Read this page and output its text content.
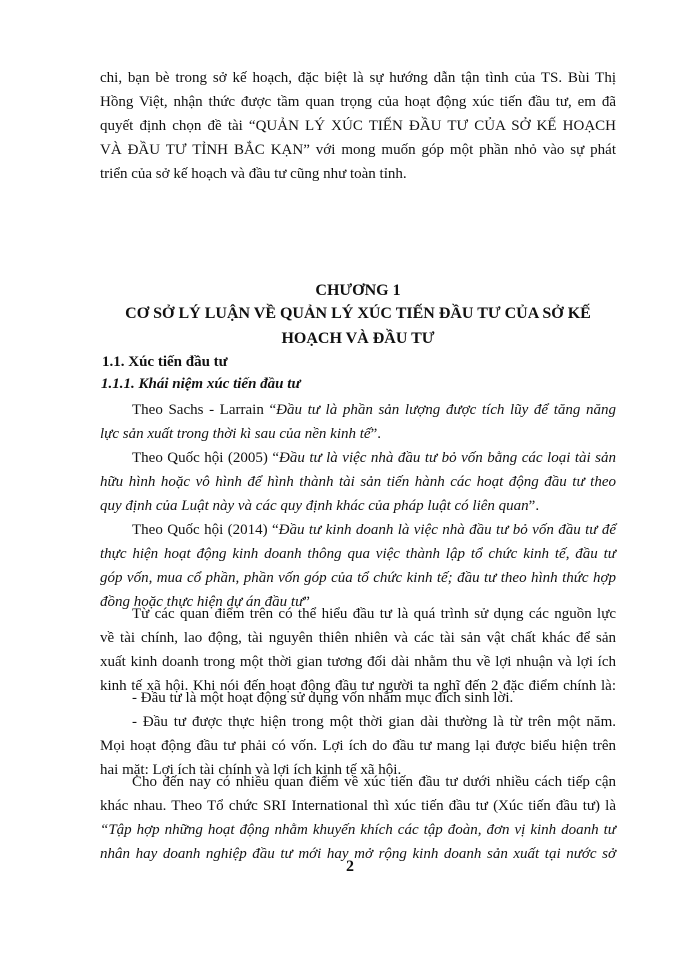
chi, bạn bè trong sở kế hoạch, đặc biệt là sự hướng dẫn tận tình của TS. Bùi Thị
Hồng Việt, nhận thức được tầm quan trọng của hoạt động xúc tiến đầu tư, em đã
quyết định chọn đề tài “QUẢN LÝ XÚC TIẾN ĐẦU TƯ CỦA SỞ KẾ HOẠCH
VÀ ĐẦU TƯ TỈNH BẮC KẠN” với mong muốn góp một phần nhỏ vào sự phát
triển của sở kế hoạch và đầu tư cũng như toàn tỉnh.

CHƯƠNG 1

CƠ SỞ LÝ LUẬN VỀ QUẢN LÝ XÚC TIẾN ĐẦU TƯ CỦA SỞ KẾ

HOẠCH VÀ ĐẦU TƯ

1.1. Xúc tiến đầu tư

1.1.1. Khái niệm xúc tiến đầu tư

Theo Sachs - Larrain “Đầu tư là phần sản lượng được tích lũy để tăng năng
lực sản xuất trong thời kì sau của nền kinh tế”.
Theo Quốc hội (2005) “Đầu tư là việc nhà đầu tư bỏ vốn bằng các loại tài sản
hữu hình hoặc vô hình để hình thành tài sản tiến hành các hoạt động đầu tư theo
quy định của Luật này và các quy định khác của pháp luật có liên quan”.
Theo Quốc hội (2014) “Đầu tư kinh doanh là việc nhà đầu tư bỏ vốn đầu tư để
thực hiện hoạt động kinh doanh thông qua việc thành lập tổ chức kinh tế, đầu tư
góp vốn, mua cổ phần, phần vốn góp của tổ chức kinh tế; đầu tư theo hình thức hợp
đồng hoặc thực hiện dự án đầu tư”
Từ các quan điểm trên có thể hiểu đầu tư là quá trình sử dụng các nguồn lực
về tài chính, lao động, tài nguyên thiên nhiên và các tài sản vật chất khác để sản
xuất kinh doanh trong một thời gian tương đối dài nhằm thu về lợi nhuận và lợi ích
kinh tế xã hội. Khi nói đến hoạt động đầu tư người ta nghĩ đến 2 đặc điểm chính là:
- Đầu tư là một hoạt động sử dụng vốn nhằm mục đích sinh lời.
- Đầu tư được thực hiện trong một thời gian dài thường là từ trên một năm.
Mọi hoạt động đầu tư phải có vốn. Lợi ích do đầu tư mang lại được biểu hiện trên
hai mặt: Lợi ích tài chính và lợi ích kinh tế xã hội.
Cho đến nay có nhiều quan điểm về xúc tiến đầu tư dưới nhiều cách tiếp cận
khác nhau. Theo Tổ chức SRI International thì xúc tiến đầu tư (Xúc tiến đầu tư) là
“Tập hợp những hoạt động nhằm khuyến khích các tập đoàn, đơn vị kinh doanh tư
nhân hay doanh nghiệp đầu tư mới hay mở rộng kinh doanh sản xuất tại nước sở
2
